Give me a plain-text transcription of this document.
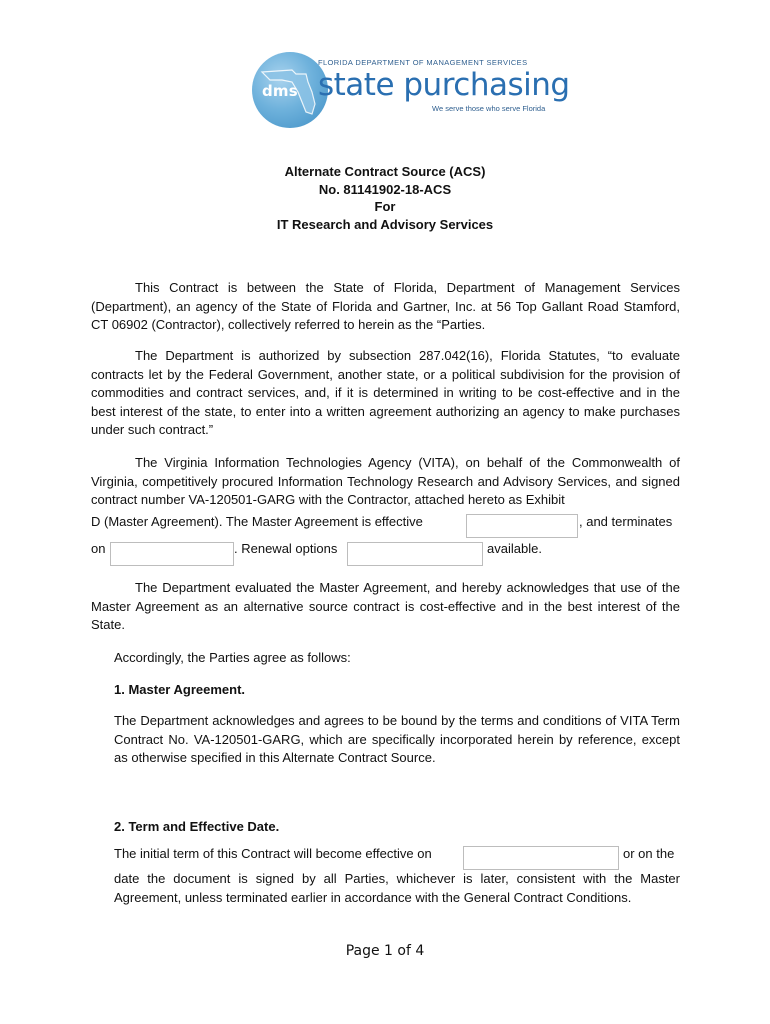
dms
FLORIDA DEPARTMENT OF MANAGEMENT SERVICES
state purchasing
We serve those who serve Florida
Alternate Contract Source (ACS)
No. 81141902-18-ACS
For
IT Research and Advisory Services

This Contract is between the State of Florida, Department of Management Services (Department), an agency of the State of Florida and Gartner, Inc. at 56 Top Gallant Road Stamford, CT 06902 (Contractor), collectively referred to herein as the “Parties.

The Department is authorized by subsection 287.042(16), Florida Statutes, “to evaluate contracts let by the Federal Government, another state, or a political subdivision for the provision of commodities and contract services, and, if it is determined in writing to be cost-effective and in the best interest of the state, to enter into a written agreement authorizing an agency to make purchases under such contract.”

The Virginia Information Technologies Agency (VITA), on behalf of the Commonwealth of Virginia, competitively procured Information Technology Research and Advisory Services, and signed contract number VA-120501-GARG with the Contractor, attached hereto as Exhibit

D (Master Agreement). The Master Agreement is effective	, and terminates
on	. Renewal options	available.

The Department evaluated the Master Agreement, and hereby acknowledges that use of the Master Agreement as an alternative source contract is cost-effective and in the best interest of the State.

Accordingly, the Parties agree as follows:
1. Master Agreement.

The Department acknowledges and agrees to be bound by the terms and conditions of VITA Term Contract No. VA-120501-GARG, which are specifically incorporated herein by reference, except as otherwise specified in this Alternate Contract Source.

2. Term and Effective Date.
The initial term of this Contract will become effective on	or on the

date the document is signed by all Parties, whichever is later, consistent with the Master Agreement, unless terminated earlier in accordance with the General Contract Conditions.

Page 1 of 4
